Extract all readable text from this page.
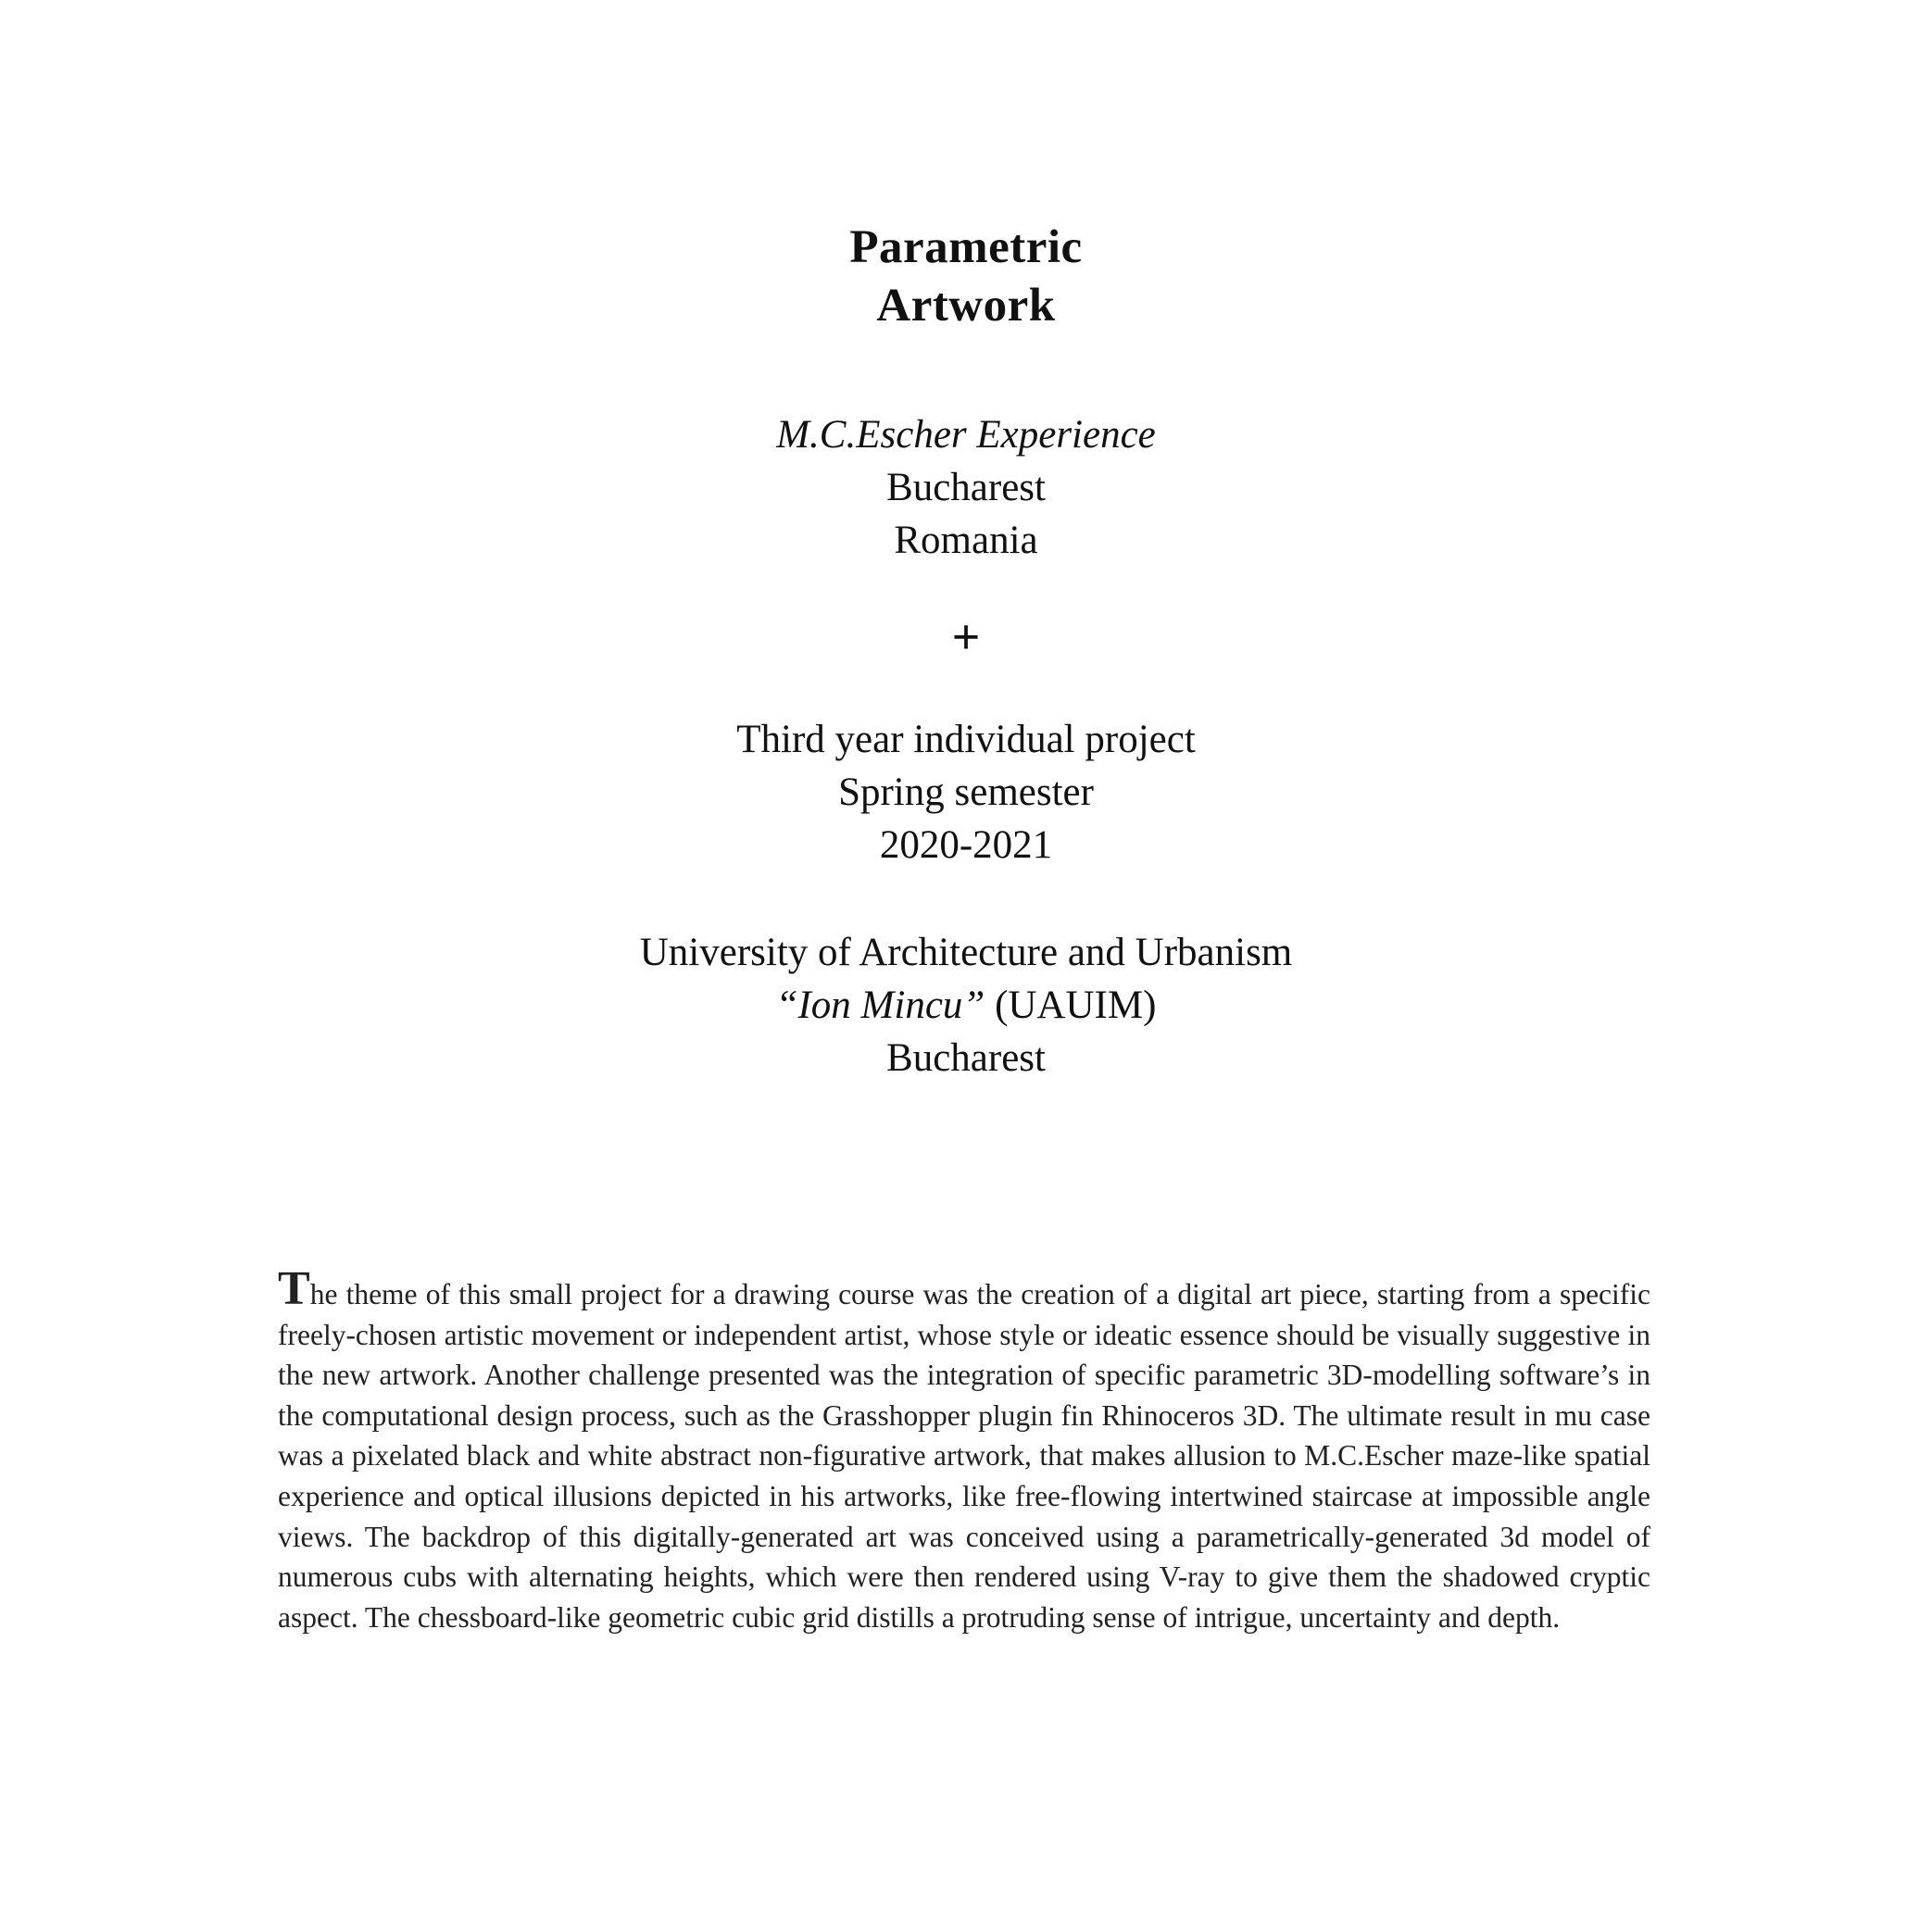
Parametric
Artwork
M.C.Escher Experience
Bucharest
Romania
+
Third year individual project
Spring semester
2020-2021
University of Architecture and Urbanism
“Ion Mincu” (UAUIM)
Bucharest
The theme of this small project for a drawing course was the creation of a digital art piece, starting from a specific freely-chosen artistic movement or independent artist, whose style or ideatic essence should be visually suggestive in the new artwork. Another challenge presented was the integration of specific parametric 3D-modelling software’s in the computational design process, such as the Grasshopper plugin fin Rhinoceros 3D. The ultimate result in mu case was a pixelated black and white abstract non-figurative artwork, that makes allusion to M.C.Escher maze-like spatial experience and optical illusions depicted in his artworks, like free-flowing intertwined staircase at impossible angle views. The backdrop of this digitally-generated art was conceived using a parametrically-generated 3d model of numerous cubs with alternating heights, which were then rendered using V-ray to give them the shadowed cryptic aspect. The chessboard-like geometric cubic grid distills a protruding sense of intrigue, uncertainty and depth.
